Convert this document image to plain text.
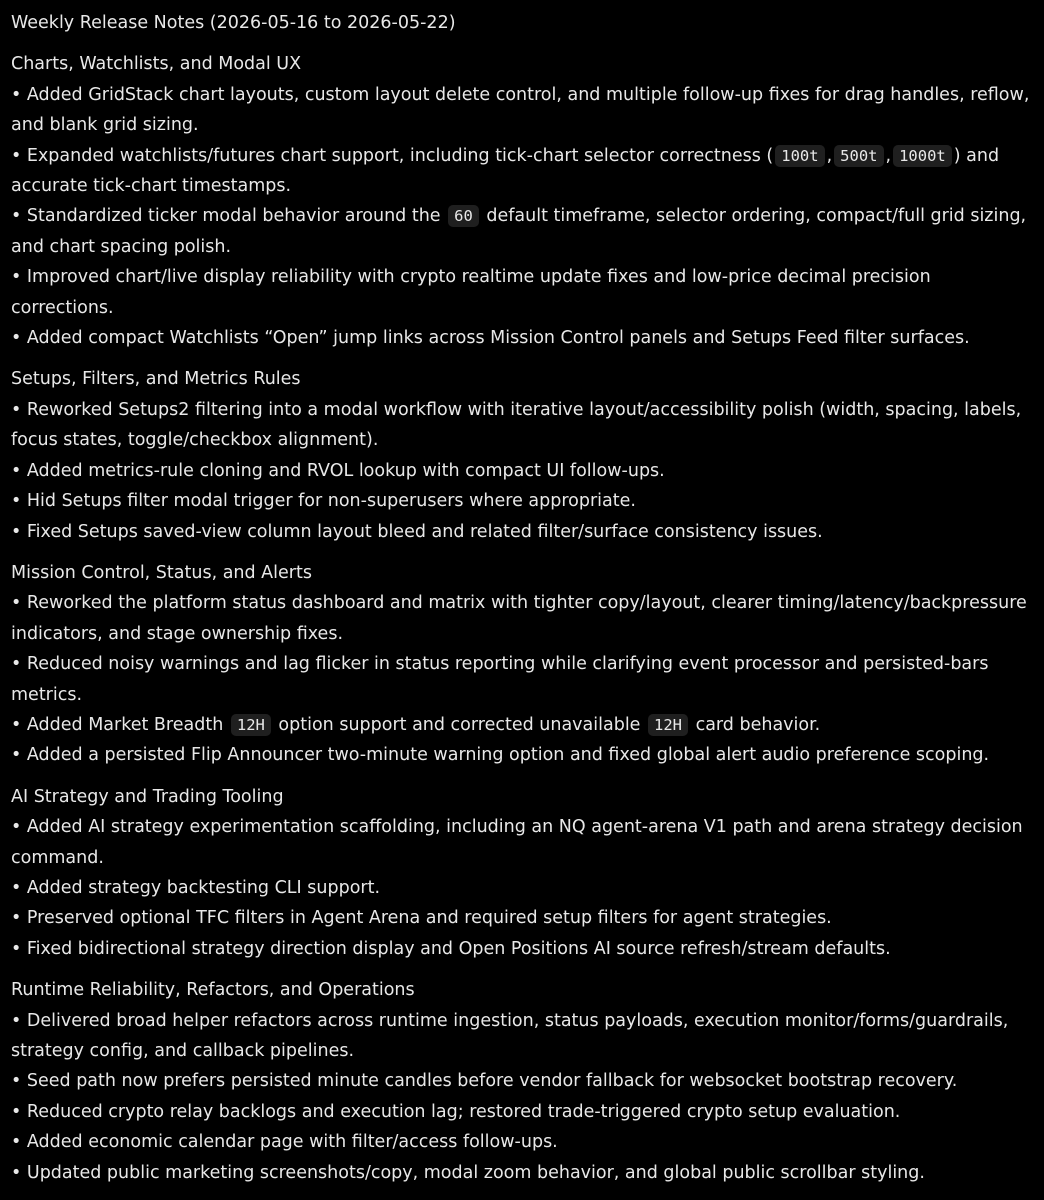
Weekly Release Notes (2026-05-16 to 2026-05-22)
Charts, Watchlists, and Modal UX
• Added GridStack chart layouts, custom layout delete control, and multiple follow-up fixes for drag handles, reflow, and blank grid sizing.
• Expanded watchlists/futures chart support, including tick-chart selector correctness ( 100t , 500t , 1000t ) and accurate tick-chart timestamps.
• Standardized ticker modal behavior around the 60 default timeframe, selector ordering, compact/full grid sizing, and chart spacing polish.
• Improved chart/live display reliability with crypto realtime update fixes and low-price decimal precision corrections.
• Added compact Watchlists “Open” jump links across Mission Control panels and Setups Feed filter surfaces.
Setups, Filters, and Metrics Rules
• Reworked Setups2 filtering into a modal workflow with iterative layout/accessibility polish (width, spacing, labels, focus states, toggle/checkbox alignment).
• Added metrics-rule cloning and RVOL lookup with compact UI follow-ups.
• Hid Setups filter modal trigger for non-superusers where appropriate.
• Fixed Setups saved-view column layout bleed and related filter/surface consistency issues.
Mission Control, Status, and Alerts
• Reworked the platform status dashboard and matrix with tighter copy/layout, clearer timing/latency/backpressure indicators, and stage ownership fixes.
• Reduced noisy warnings and lag flicker in status reporting while clarifying event processor and persisted-bars metrics.
• Added Market Breadth 12H option support and corrected unavailable 12H card behavior.
• Added a persisted Flip Announcer two-minute warning option and fixed global alert audio preference scoping.
AI Strategy and Trading Tooling
• Added AI strategy experimentation scaffolding, including an NQ agent-arena V1 path and arena strategy decision command.
• Added strategy backtesting CLI support.
• Preserved optional TFC filters in Agent Arena and required setup filters for agent strategies.
• Fixed bidirectional strategy direction display and Open Positions AI source refresh/stream defaults.
Runtime Reliability, Refactors, and Operations
• Delivered broad helper refactors across runtime ingestion, status payloads, execution monitor/forms/guardrails, strategy config, and callback pipelines.
• Seed path now prefers persisted minute candles before vendor fallback for websocket bootstrap recovery.
• Reduced crypto relay backlogs and execution lag; restored trade-triggered crypto setup evaluation.
• Added economic calendar page with filter/access follow-ups.
• Updated public marketing screenshots/copy, modal zoom behavior, and global public scrollbar styling.
